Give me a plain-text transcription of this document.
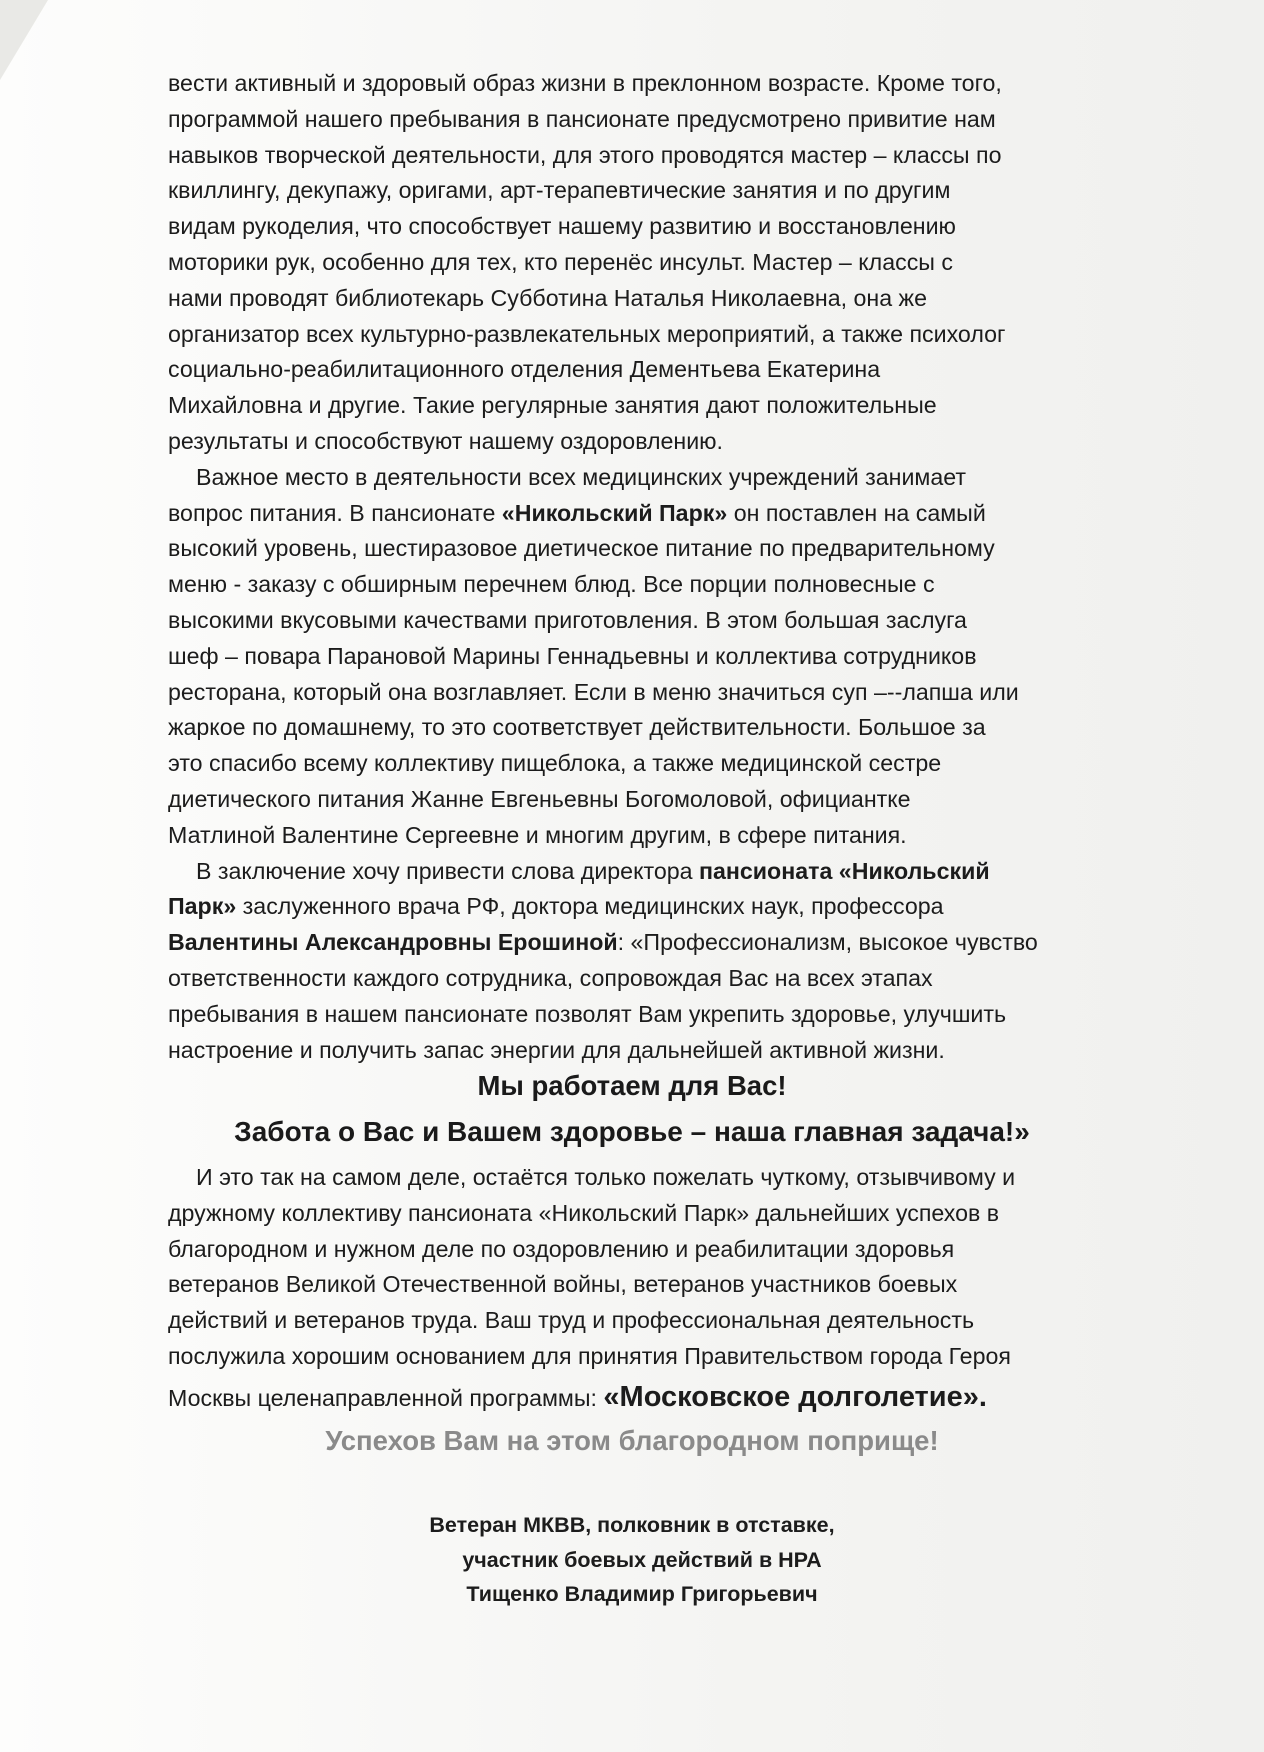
вести активный и здоровый образ жизни в преклонном возрасте. Кроме того,
программой нашего пребывания в пансионате предусмотрено привитие нам
навыков творческой деятельности, для этого проводятся мастер – классы по
квиллингу, декупажу, оригами, арт-терапевтические занятия и по другим
видам рукоделия, что способствует нашему развитию и восстановлению
моторики рук, особенно для тех, кто перенёс инсульт. Мастер – классы с
нами проводят библиотекарь Субботина Наталья Николаевна, она же
организатор всех культурно-развлекательных мероприятий, а также психолог
социально-реабилитационного отделения Дементьева Екатерина
Михайловна и другие. Такие регулярные занятия дают положительные
результаты и способствуют нашему оздоровлению.
Важное место в деятельности всех медицинских учреждений занимает
вопрос питания. В пансионате «Никольский Парк» он поставлен на самый
высокий уровень, шестиразовое диетическое питание по предварительному
меню - заказу с обширным перечнем блюд. Все порции полновесные с
высокими вкусовыми качествами приготовления. В этом большая заслуга
шеф – повара Парановой Марины Геннадьевны и коллектива сотрудников
ресторана, который она возглавляет. Если в меню значиться суп –--лапша или
жаркое по домашнему, то это соответствует действительности. Большое за
это спасибо всему коллективу пищеблока, а также медицинской сестре
диетического питания Жанне Евгеньевны Богомоловой, официантке
Матлиной Валентине Сергеевне и многим другим, в сфере питания.
В заключение хочу привести слова директора пансионата «Никольский
Парк» заслуженного врача РФ, доктора медицинских наук, профессора
Валентины Александровны Ерошиной: «Профессионализм, высокое чувство
ответственности каждого сотрудника, сопровождая Вас на всех этапах
пребывания в нашем пансионате позволят Вам укрепить здоровье, улучшить
настроение и получить запас энергии для дальнейшей активной жизни.
Мы работаем для Вас!
Забота о Вас и Вашем здоровье – наша главная задача!»
И это так на самом деле, остаётся только пожелать чуткому, отзывчивому и
дружному коллективу пансионата «Никольский Парк» дальнейших успехов в
благородном и нужном деле по оздоровлению и реабилитации здоровья
ветеранов Великой Отечественной войны, ветеранов участников боевых
действий и ветеранов труда. Ваш труд и профессиональная деятельность
послужила хорошим основанием для принятия Правительством города Героя
Москвы целенаправленной программы: «Московское долголетие».
Успехов Вам на этом благородном поприще!
Ветеран МКВВ, полковник в отставке,
участник боевых действий в НРА
Тищенко Владимир Григорьевич
